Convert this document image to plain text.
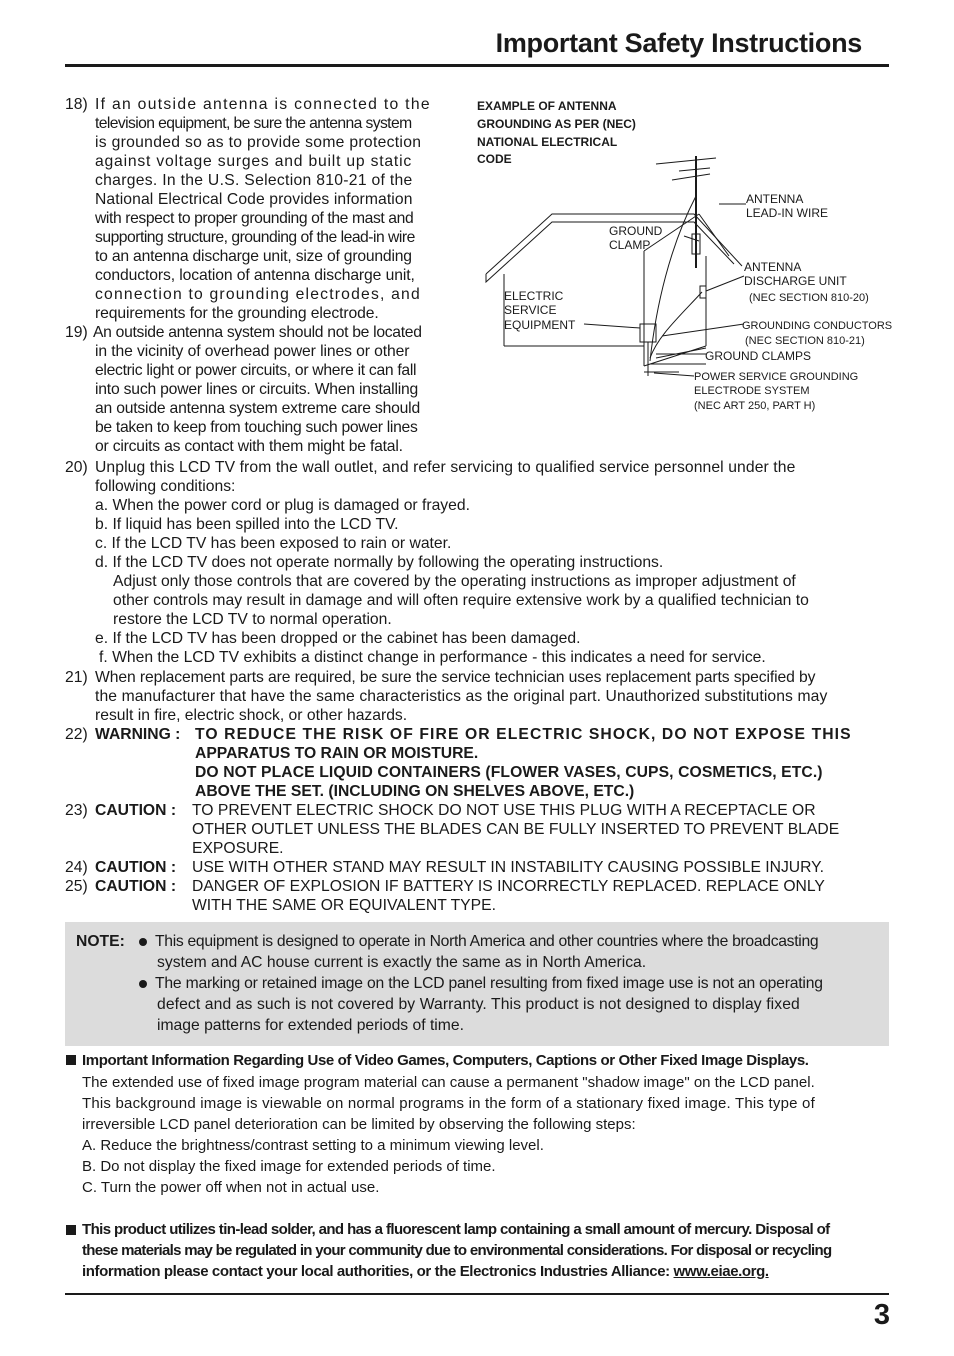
Important Safety Instructions
18) If an outside antenna is connected to the
television equipment, be sure the antenna system
is grounded so as to provide some protection
against voltage surges and built up static
charges. In the U.S. Selection 810-21 of the
National Electrical Code provides information
with respect to proper grounding of the mast and
supporting structure, grounding of the lead-in wire
to an antenna discharge unit, size of grounding
conductors, location of antenna discharge unit,
connection to grounding electrodes, and
requirements for the grounding electrode.
19) An outside antenna system should not be located
in the vicinity of overhead power lines or other
electric light or power circuits, or where it can fall
into such power lines or circuits. When installing
an outside antenna system extreme care should
be taken to keep from touching such power lines
or circuits as contact with them might be fatal.
EXAMPLE OF ANTENNA
GROUNDING AS PER (NEC)
NATIONAL ELECTRICAL
CODE
ANTENNA
LEAD-IN WIRE
GROUND
CLAMP
ANTENNA
DISCHARGE UNIT
ELECTRIC
SERVICE
EQUIPMENT
GROUND CLAMPS
(NEC SECTION 810-20)
GROUNDING CONDUCTORS
(NEC SECTION 810-21)
POWER SERVICE GROUNDING
ELECTRODE SYSTEM
(NEC ART 250, PART H)
20) Unplug this LCD TV from the wall outlet, and refer servicing to qualified service personnel under the
following conditions:
a. When the power cord or plug is damaged or frayed.
b. If liquid has been spilled into the LCD TV.
c. If the LCD TV has been exposed to rain or water.
d. If the LCD TV does not operate normally by following the operating instructions.
Adjust only those controls that are covered by the operating instructions as improper adjustment of
other controls may result in damage and will often require extensive work by a qualified technician to
restore the LCD TV to normal operation.
e. If the LCD TV has been dropped or the cabinet has been damaged.
f. When the LCD TV exhibits a distinct change in performance - this indicates a need for service.
21) When replacement parts are required, be sure the service technician uses replacement parts specified by
the manufacturer that have the same characteristics as the original part. Unauthorized substitutions may
result in fire, electric shock, or other hazards.
22) WARNING : TO REDUCE THE RISK OF FIRE OR ELECTRIC SHOCK, DO NOT EXPOSE THIS
APPARATUS TO RAIN OR MOISTURE.
DO NOT PLACE LIQUID CONTAINERS (FLOWER VASES, CUPS, COSMETICS, ETC.)
ABOVE THE SET. (INCLUDING ON SHELVES ABOVE, ETC.)
23) CAUTION : TO PREVENT ELECTRIC SHOCK DO NOT USE THIS PLUG WITH A RECEPTACLE OR
OTHER OUTLET UNLESS THE BLADES CAN BE FULLY INSERTED TO PREVENT BLADE
EXPOSURE.
24) CAUTION : USE WITH OTHER STAND MAY RESULT IN INSTABILITY CAUSING POSSIBLE INJURY.
25) CAUTION : DANGER OF EXPLOSION IF BATTERY IS INCORRECTLY REPLACED. REPLACE ONLY
WITH THE SAME OR EQUIVALENT TYPE.
NOTE: This equipment is designed to operate in North America and other countries where the broadcasting
system and AC house current is exactly the same as in North America.
The marking or retained image on the LCD panel resulting from fixed image use is not an operating
defect and as such is not covered by Warranty. This product is not designed to display fixed
image patterns for extended periods of time.
Important Information Regarding Use of Video Games, Computers, Captions or Other Fixed Image Displays.
The extended use of fixed image program material can cause a permanent "shadow image" on the LCD panel.
This background image is viewable on normal programs in the form of a stationary fixed image. This type of
irreversible LCD panel deterioration can be limited by observing the following steps:
A. Reduce the brightness/contrast setting to a minimum viewing level.
B. Do not display the fixed image for extended periods of time.
C. Turn the power off when not in actual use.
This product utilizes tin-lead solder, and has a fluorescent lamp containing a small amount of mercury. Disposal of
these materials may be regulated in your community due to environmental considerations. For disposal or recycling
information please contact your local authorities, or the Electronics Industries Alliance: www.eiae.org.
3
